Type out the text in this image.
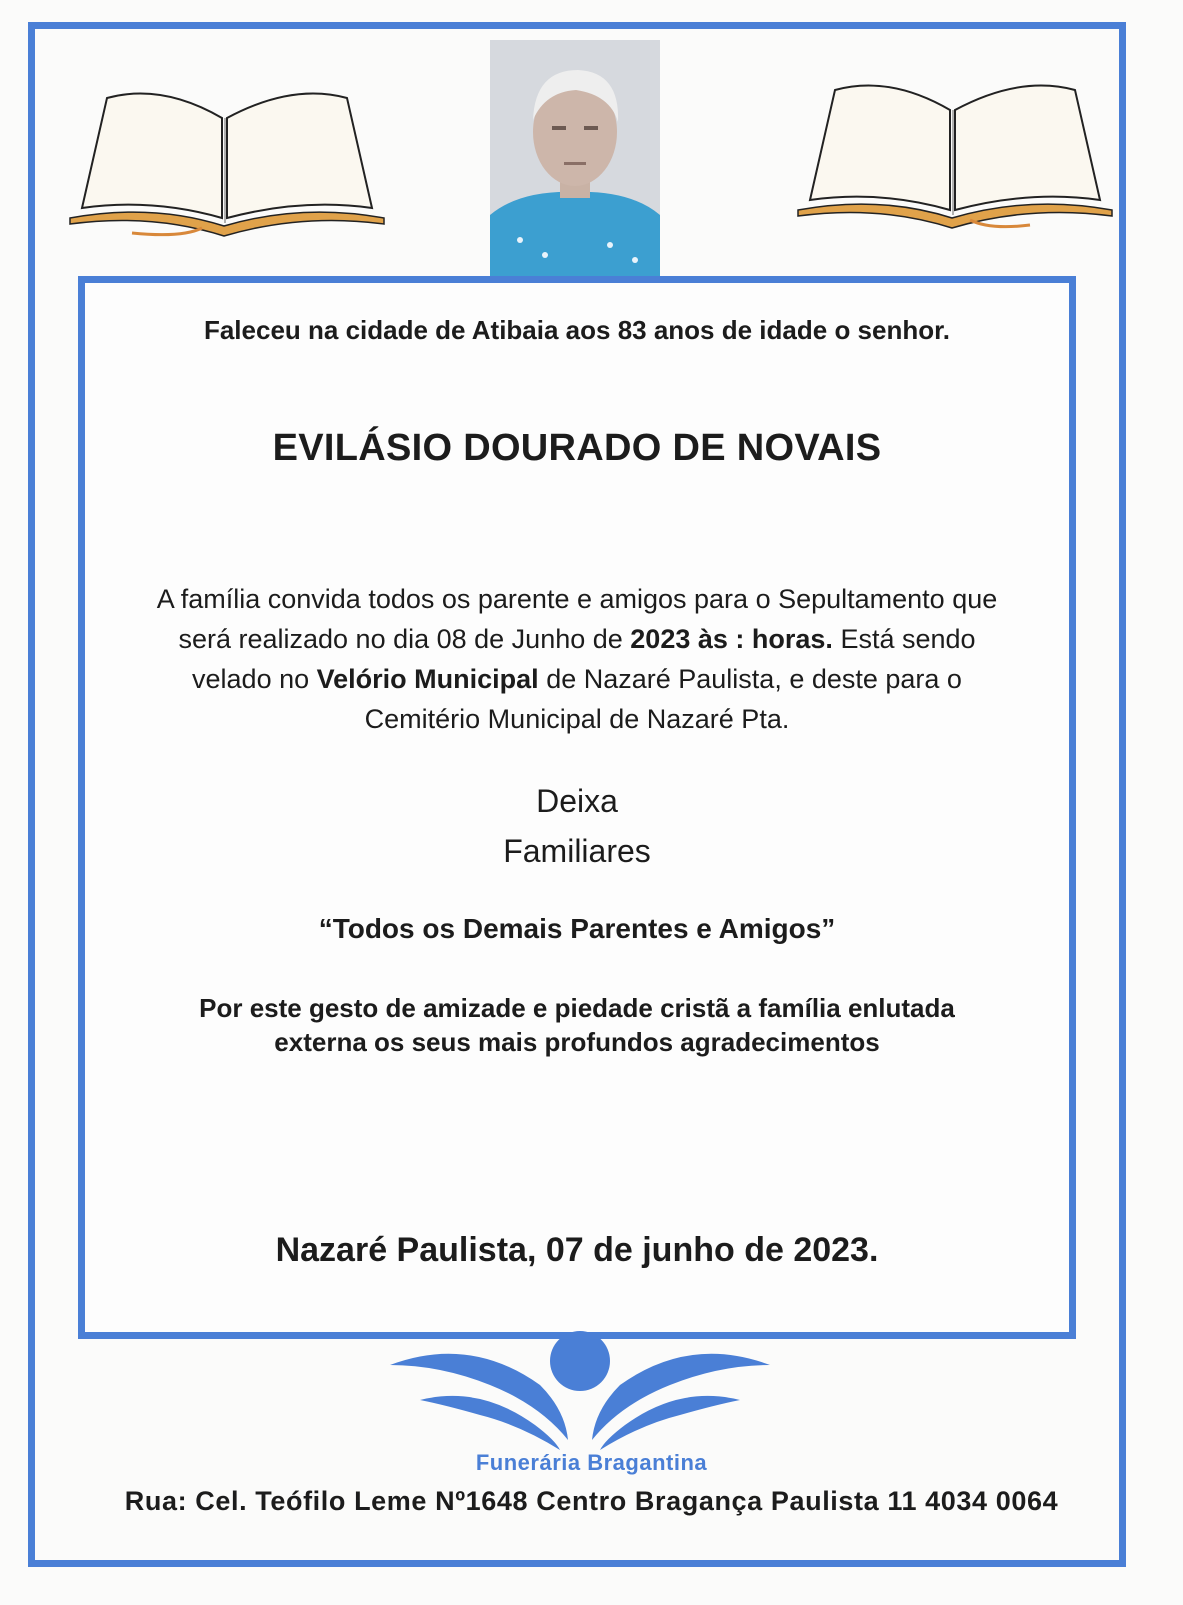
Faleceu na cidade de Atibaia aos 83 anos de idade o senhor.
EVILÁSIO DOURADO DE NOVAIS
A família convida todos os parente e amigos para o Sepultamento que será realizado no dia 08 de Junho de 2023 às : horas. Está sendo velado no Velório Municipal de Nazaré Paulista, e deste para o Cemitério Municipal de Nazaré Pta.
Deixa
Familiares
“Todos os Demais Parentes e Amigos”
Por este gesto de amizade e piedade cristã a família enlutada externa os seus mais profundos agradecimentos
Nazaré Paulista, 07 de junho de 2023.
Funerária Bragantina
Rua: Cel. Teófilo Leme Nº1648 Centro Bragança Paulista 11 4034 0064
